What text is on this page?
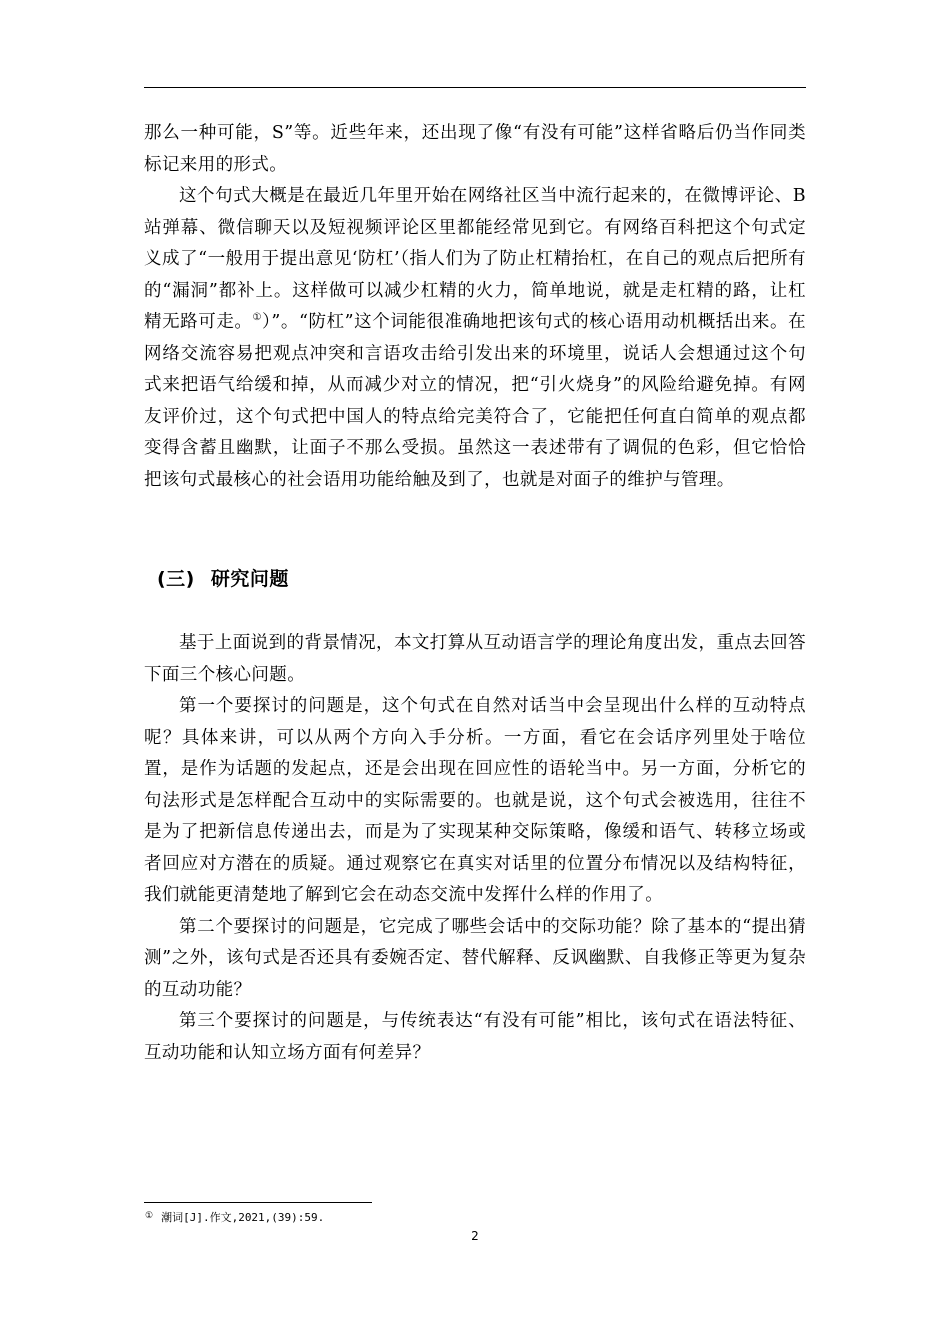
那么一种可能，S”等。近些年来，还出现了像“有没有可能”这样省略后仍当作同类标记来用的形式。

这个句式大概是在最近几年里开始在网络社区当中流行起来的，在微博评论、B站弹幕、微信聊天以及短视频评论区里都能经常见到它。有网络百科把这个句式定义成了“一般用于提出意见‘防杠’（指人们为了防止杠精抬杠，在自己的观点后把所有的“漏洞”都补上。这样做可以减少杠精的火力，简单地说，就是走杠精的路，让杠精无路可走。①）”。“防杠”这个词能很准确地把该句式的核心语用动机概括出来。在网络交流容易把观点冲突和言语攻击给引发出来的环境里，说话人会想通过这个句式来把语气给缓和掉，从而减少对立的情况，把“引火烧身”的风险给避免掉。有网友评价过，这个句式把中国人的特点给完美符合了，它能把任何直白简单的观点都变得含蓄且幽默，让面子不那么受损。虽然这一表述带有了调侃的色彩，但它恰恰把该句式最核心的社会语用功能给触及到了，也就是对面子的维护与管理。

(三) 研究问题

基于上面说到的背景情况，本文打算从互动语言学的理论角度出发，重点去回答下面三个核心问题。

第一个要探讨的问题是，这个句式在自然对话当中会呈现出什么样的互动特点呢？具体来讲，可以从两个方向入手分析。一方面，看它在会话序列里处于啥位置，是作为话题的发起点，还是会出现在回应性的语轮当中。另一方面，分析它的句法形式是怎样配合互动中的实际需要的。也就是说，这个句式会被选用，往往不是为了把新信息传递出去，而是为了实现某种交际策略，像缓和语气、转移立场或者回应对方潜在的质疑。通过观察它在真实对话里的位置分布情况以及结构特征，我们就能更清楚地了解到它会在动态交流中发挥什么样的作用了。

第二个要探讨的问题是，它完成了哪些会话中的交际功能？除了基本的“提出猜测”之外，该句式是否还具有委婉否定、替代解释、反讽幽默、自我修正等更为复杂的互动功能？

第三个要探讨的问题是，与传统表达“有没有可能”相比，该句式在语法特征、互动功能和认知立场方面有何差异？

① 潮词[J].作文,2021,(39):59.
2
